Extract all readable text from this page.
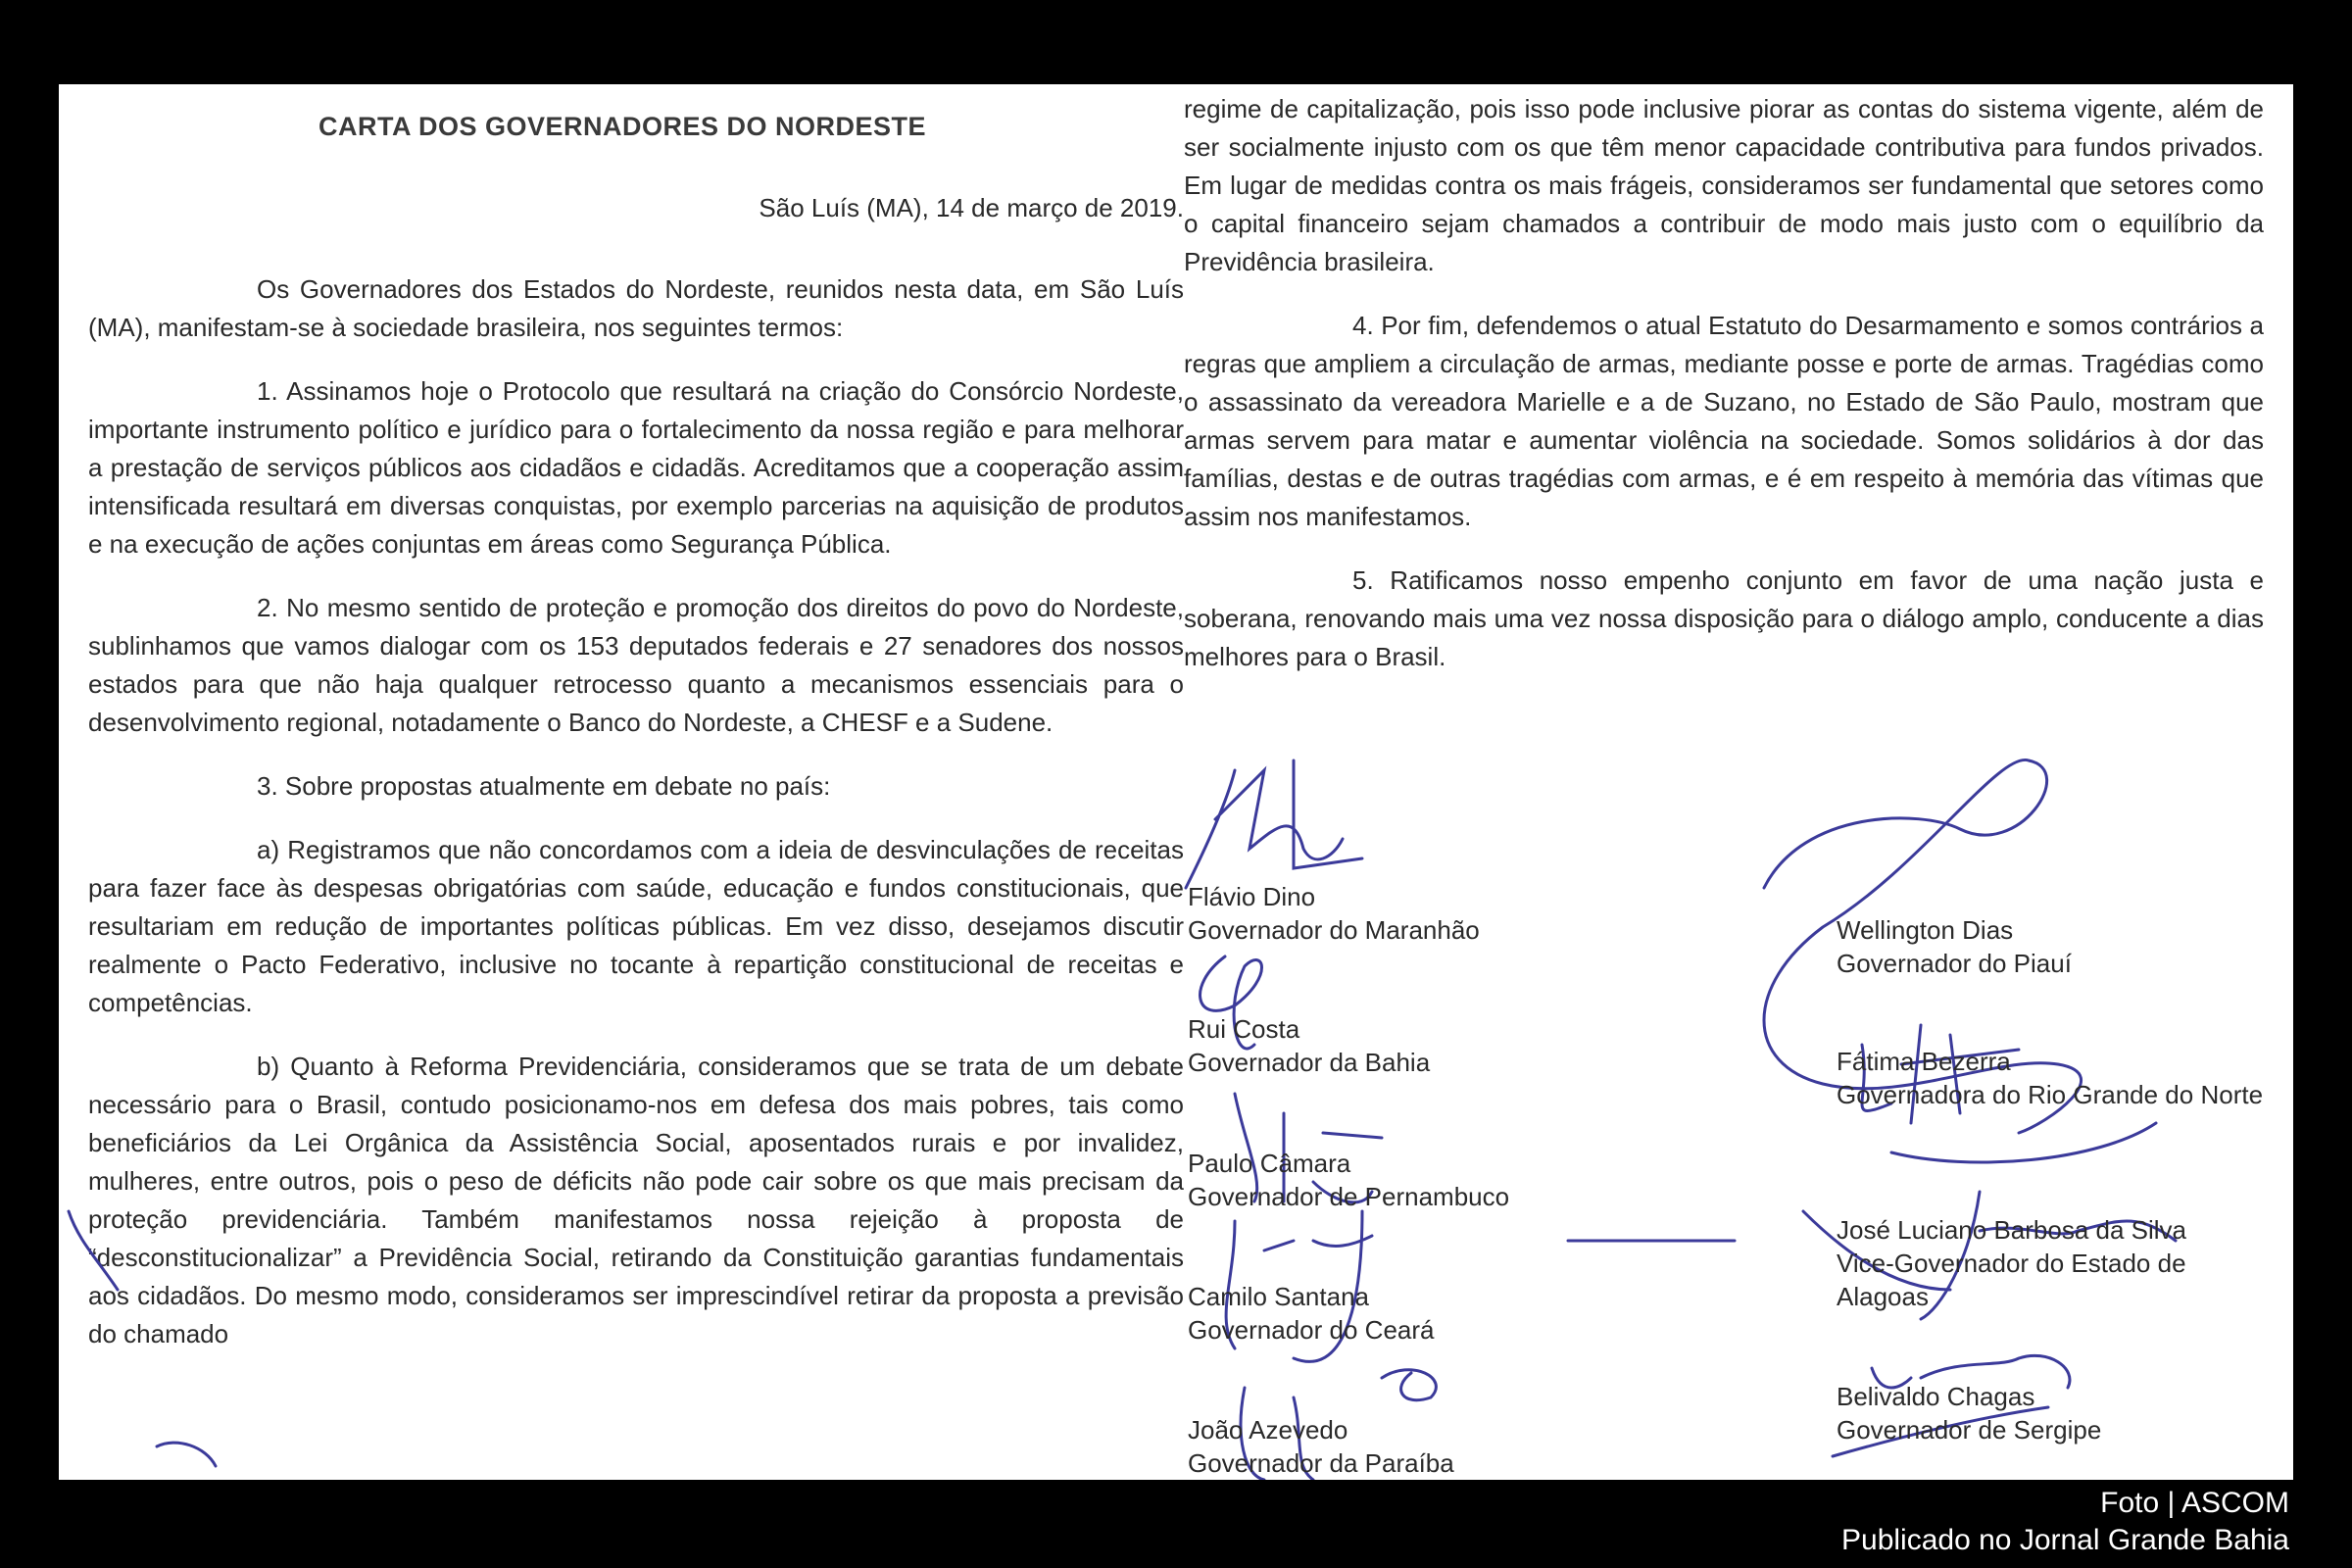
CARTA DOS GOVERNADORES DO NORDESTE

São Luís (MA), 14 de março de 2019.

Os Governadores dos Estados do Nordeste, reunidos nesta data, em São Luís (MA), manifestam-se à sociedade brasileira, nos seguintes termos:

1. Assinamos hoje o Protocolo que resultará na criação do Consórcio Nordeste, importante instrumento político e jurídico para o fortalecimento da nossa região e para melhorar a prestação de serviços públicos aos cidadãos e cidadãs. Acreditamos que a cooperação assim intensificada resultará em diversas conquistas, por exemplo parcerias na aquisição de produtos e na execução de ações conjuntas em áreas como Segurança Pública.

2. No mesmo sentido de proteção e promoção dos direitos do povo do Nordeste, sublinhamos que vamos dialogar com os 153 deputados federais e 27 senadores dos nossos estados para que não haja qualquer retrocesso quanto a mecanismos essenciais para o desenvolvimento regional, notadamente o Banco do Nordeste, a CHESF e a Sudene.

3. Sobre propostas atualmente em debate no país:

a) Registramos que não concordamos com a ideia de desvinculações de receitas para fazer face às despesas obrigatórias com saúde, educação e fundos constitucionais, que resultariam em redução de importantes políticas públicas. Em vez disso, desejamos discutir realmente o Pacto Federativo, inclusive no tocante à repartição constitucional de receitas e competências.

b) Quanto à Reforma Previdenciária, consideramos que se trata de um debate necessário para o Brasil, contudo posicionamo-nos em defesa dos mais pobres, tais como beneficiários da Lei Orgânica da Assistência Social, aposentados rurais e por invalidez, mulheres, entre outros, pois o peso de déficits não pode cair sobre os que mais precisam da proteção previdenciária. Também manifestamos nossa rejeição à proposta de “desconstitucionalizar” a Previdência Social, retirando da Constituição garantias fundamentais aos cidadãos. Do mesmo modo, consideramos ser imprescindível retirar da proposta a previsão do chamado

regime de capitalização, pois isso pode inclusive piorar as contas do sistema vigente, além de ser socialmente injusto com os que têm menor capacidade contributiva para fundos privados. Em lugar de medidas contra os mais frágeis, consideramos ser fundamental que setores como o capital financeiro sejam chamados a contribuir de modo mais justo com o equilíbrio da Previdência brasileira.

4. Por fim, defendemos o atual Estatuto do Desarmamento e somos contrários a regras que ampliem a circulação de armas, mediante posse e porte de armas. Tragédias como o assassinato da vereadora Marielle e a de Suzano, no Estado de São Paulo, mostram que armas servem para matar e aumentar violência na sociedade. Somos solidários à dor das famílias, destas e de outras tragédias com armas, e é em respeito à memória das vítimas que assim nos manifestamos.

5. Ratificamos nosso empenho conjunto em favor de uma nação justa e soberana, renovando mais uma vez nossa disposição para o diálogo amplo, conducente a dias melhores para o Brasil.

Flávio Dino
Governador do Maranhão	Wellington Dias
Governador do Piauí
Rui Costa
Governador da Bahia	Fátima Bezerra
Governadora do Rio Grande do Norte
Paulo Câmara
Governador de Pernambuco
José Luciano Barbosa da Silva
Vice-Governador do Estado de Alagoas
Camilo Santana
Governador do Ceará
Belivaldo Chagas
Governador de Sergipe
João Azevedo
Governador da Paraíba
Foto | ASCOM
Publicado no Jornal Grande Bahia
